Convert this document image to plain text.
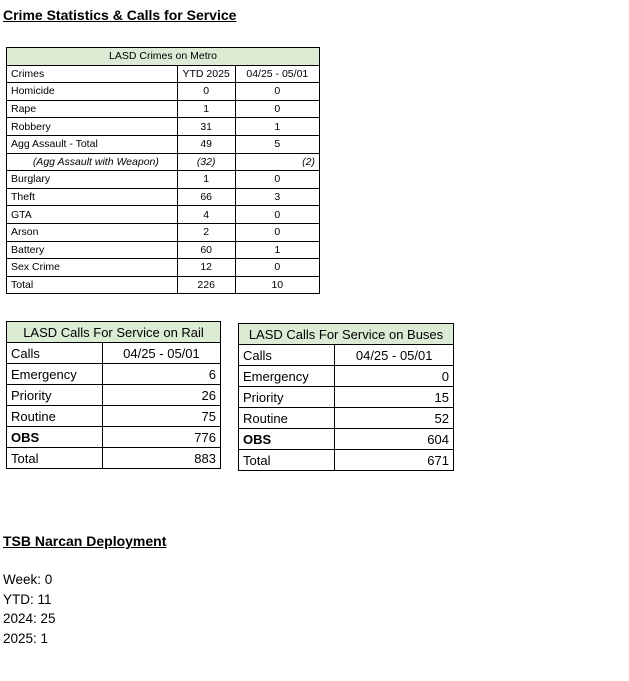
Crime Statistics & Calls for Service
LASD Crimes on Metro		
Crimes	YTD 2025	04/25 - 05/01
Homicide	0	0
Rape	1	0
Robbery	31	1
Agg Assault - Total	49	5
(Agg Assault with Weapon)	(32)	(2)
Burglary	1	0
Theft	66	3
GTA	4	0
Arson	2	0
Battery	60	1
Sex Crime	12	0
Total	226	10
LASD Calls For Service on Rail	
Calls	04/25 - 05/01
Emergency	6
Priority	26
Routine	75
OBS	776
Total	883
LASD Calls For Service on Buses	
Calls	04/25 - 05/01
Emergency	0
Priority	15
Routine	52
OBS	604
Total	671
TSB Narcan Deployment
Week: 0
YTD: 11
2024: 25
2025: 1
